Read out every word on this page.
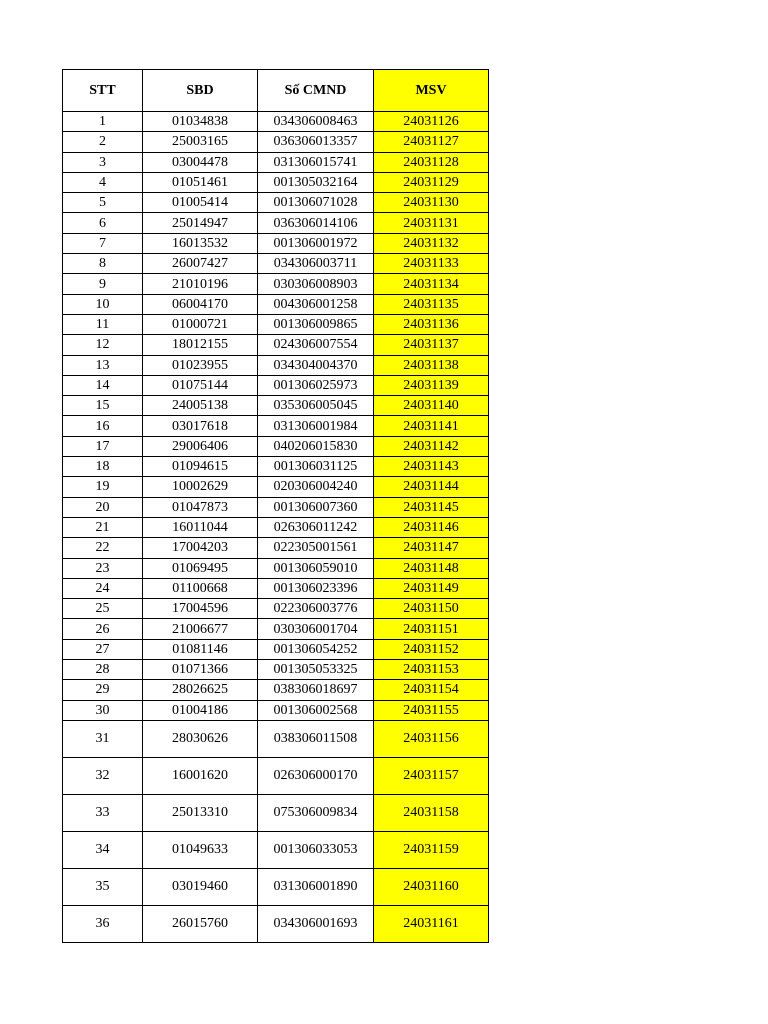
STT	SBD	Số CMND	MSV
1	01034838	034306008463	24031126
2	25003165	036306013357	24031127
3	03004478	031306015741	24031128
4	01051461	001305032164	24031129
5	01005414	001306071028	24031130
6	25014947	036306014106	24031131
7	16013532	001306001972	24031132
8	26007427	034306003711	24031133
9	21010196	030306008903	24031134
10	06004170	004306001258	24031135
11	01000721	001306009865	24031136
12	18012155	024306007554	24031137
13	01023955	034304004370	24031138
14	01075144	001306025973	24031139
15	24005138	035306005045	24031140
16	03017618	031306001984	24031141
17	29006406	040206015830	24031142
18	01094615	001306031125	24031143
19	10002629	020306004240	24031144
20	01047873	001306007360	24031145
21	16011044	026306011242	24031146
22	17004203	022305001561	24031147
23	01069495	001306059010	24031148
24	01100668	001306023396	24031149
25	17004596	022306003776	24031150
26	21006677	030306001704	24031151
27	01081146	001306054252	24031152
28	01071366	001305053325	24031153
29	28026625	038306018697	24031154
30	01004186	001306002568	24031155
31	28030626	038306011508	24031156
32	16001620	026306000170	24031157
33	25013310	075306009834	24031158
34	01049633	001306033053	24031159
35	03019460	031306001890	24031160
36	26015760	034306001693	24031161
